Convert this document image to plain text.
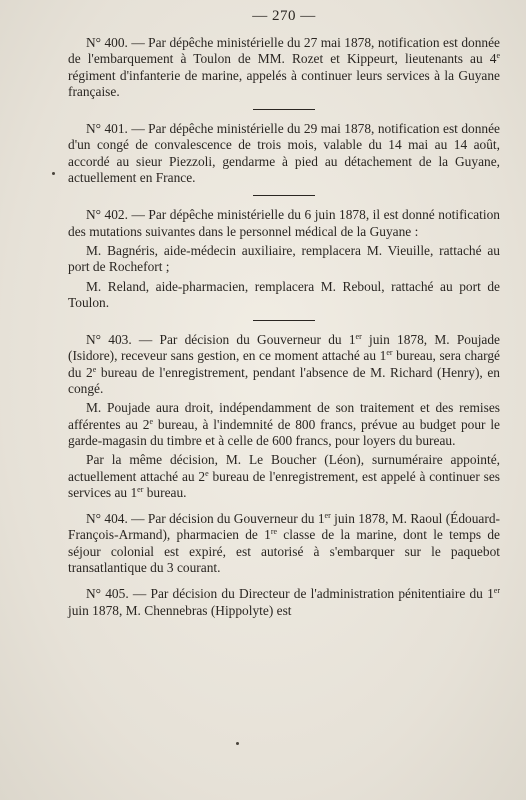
— 270 —

N° 400. — Par dépêche ministérielle du 27 mai 1878, notification est donnée de l'embarquement à Toulon de MM. Rozet et Kippeurt, lieutenants au 4e régiment d'infanterie de marine, appelés à continuer leurs services à la Guyane française.

N° 401. — Par dépêche ministérielle du 29 mai 1878, notification est donnée d'un congé de convalescence de trois mois, valable du 14 mai au 14 août, accordé au sieur Piezzoli, gendarme à pied au détachement de la Guyane, actuellement en France.

N° 402. — Par dépêche ministérielle du 6 juin 1878, il est donné notification des mutations suivantes dans le personnel médical de la Guyane :

M. Bagnéris, aide-médecin auxiliaire, remplacera M. Vieuille, rattaché au port de Rochefort ;

M. Reland, aide-pharmacien, remplacera M. Reboul, rattaché au port de Toulon.

N° 403. — Par décision du Gouverneur du 1er juin 1878, M. Poujade (Isidore), receveur sans gestion, en ce moment attaché au 1er bureau, sera chargé du 2e bureau de l'enregistrement, pendant l'absence de M. Richard (Henry), en congé.

M. Poujade aura droit, indépendamment de son traitement et des remises afférentes au 2e bureau, à l'indemnité de 800 francs, prévue au budget pour le garde-magasin du timbre et à celle de 600 francs, pour loyers du bureau.

Par la même décision, M. Le Boucher (Léon), surnuméraire appointé, actuellement attaché au 2e bureau de l'enregistrement, est appelé à continuer ses services au 1er bureau.

N° 404. — Par décision du Gouverneur du 1er juin 1878, M. Raoul (Édouard-François-Armand), pharmacien de 1re classe de la marine, dont le temps de séjour colonial est expiré, est autorisé à s'embarquer sur le paquebot transatlantique du 3 courant.

N° 405. — Par décision du Directeur de l'administration pénitentiaire du 1er juin 1878, M. Chennebras (Hippolyte) est
